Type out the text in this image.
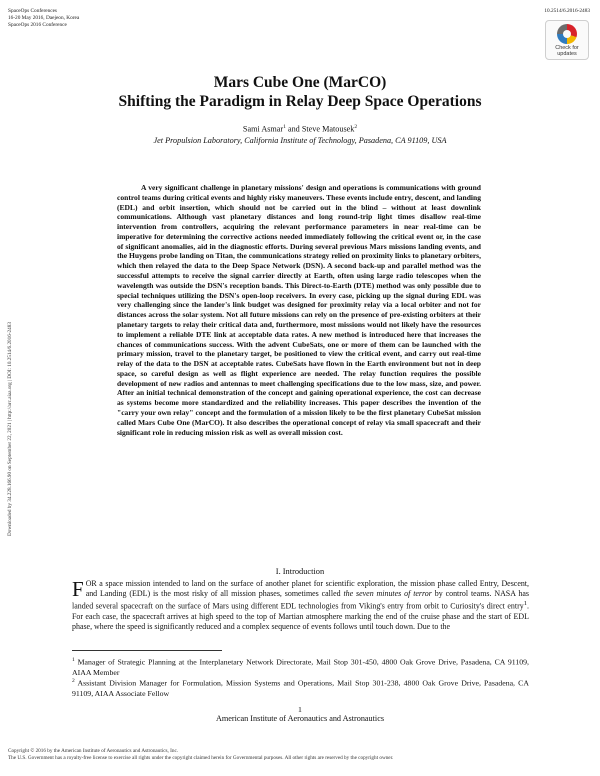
SpaceOps Conferences
16-20 May 2016, Daejeon, Korea
SpaceOps 2016 Conference
10.2514/6.2016-2483
Check for updates
Downloaded by 34.228.166.90 on September 22, 2021 | http://arc.aiaa.org | DOI: 10.2514/6.2016-2483
Mars Cube One (MarCO)
Shifting the Paradigm in Relay Deep Space Operations
Sami Asmar$^1$ and Steve Matousek$^2$
Jet Propulsion Laboratory, California Institute of Technology, Pasadena, CA 91109, USA
A very significant challenge in planetary missions' design and operations is communications with ground control teams during critical events and highly risky maneuvers. These events include entry, descent, and landing (EDL) and orbit insertion, which should not be carried out in the blind – without at least downlink communications. Although vast planetary distances and long round-trip light times disallow real-time intervention from controllers, acquiring the relevant performance parameters in near real-time can be imperative for determining the corrective actions needed immediately following the critical event or, in the case of significant anomalies, aid in the diagnostic efforts. During several previous Mars missions landing events, and the Huygens probe landing on Titan, the communications strategy relied on proximity links to planetary orbiters, which then relayed the data to the Deep Space Network (DSN). A second back-up and parallel method was the successful attempts to receive the signal carrier directly at Earth, often using large radio telescopes when the wavelength was outside the DSN's reception bands. This Direct-to-Earth (DTE) method was only possible due to special techniques utilizing the DSN's open-loop receivers. In every case, picking up the signal during EDL was very challenging since the lander's link budget was designed for proximity relay via a local orbiter and not for distances across the solar system. Not all future missions can rely on the presence of pre-existing orbiters at their planetary targets to relay their critical data and, furthermore, most missions would not likely have the resources to implement a reliable DTE link at acceptable data rates. A new method is introduced here that increases the chances of communications success. With the advent CubeSats, one or more of them can be launched with the primary mission, travel to the planetary target, be positioned to view the critical event, and carry out real-time relay of the data to the DSN at acceptable rates. CubeSats have flown in the Earth environment but not in deep space, so careful design as well as flight experience are needed. The relay function requires the possible development of new radios and antennas to meet challenging specifications due to the low mass, size, and power. After an initial technical demonstration of the concept and gaining operational experience, the cost can decrease as systems become more standardized and the reliability increases. This paper describes the invention of the "carry your own relay" concept and the formulation of a mission likely to be the first planetary CubeSat mission called Mars Cube One (MarCO). It also describes the operational concept of relay via small spacecraft and their significant role in reducing mission risk as well as overall mission cost.
I. Introduction
FOR a space mission intended to land on the surface of another planet for scientific exploration, the mission phase called Entry, Descent, and Landing (EDL) is the most risky of all mission phases, sometimes called the seven minutes of terror by control teams. NASA has landed several spacecraft on the surface of Mars using different EDL technologies from Viking's entry from orbit to Curiosity's direct entry$^1$. For each case, the spacecraft arrives at high speed to the top of Martian atmosphere marking the end of the cruise phase and the start of EDL phase, where the speed is significantly reduced and a complex sequence of events follows until touch down. Due to the
$^1$ Manager of Strategic Planning at the Interplanetary Network Directorate, Mail Stop 301-450, 4800 Oak Grove Drive, Pasadena, CA 91109, AIAA Member
$^2$ Assistant Division Manager for Formulation, Mission Systems and Operations, Mail Stop 301-238, 4800 Oak Grove Drive, Pasadena, CA 91109, AIAA Associate Fellow
1
American Institute of Aeronautics and Astronautics
Copyright © 2016 by the American Institute of Aeronautics and Astronautics, Inc.
The U.S. Government has a royalty-free license to exercise all rights under the copyright claimed herein for Governmental purposes. All other rights are reserved by the copyright owner.
